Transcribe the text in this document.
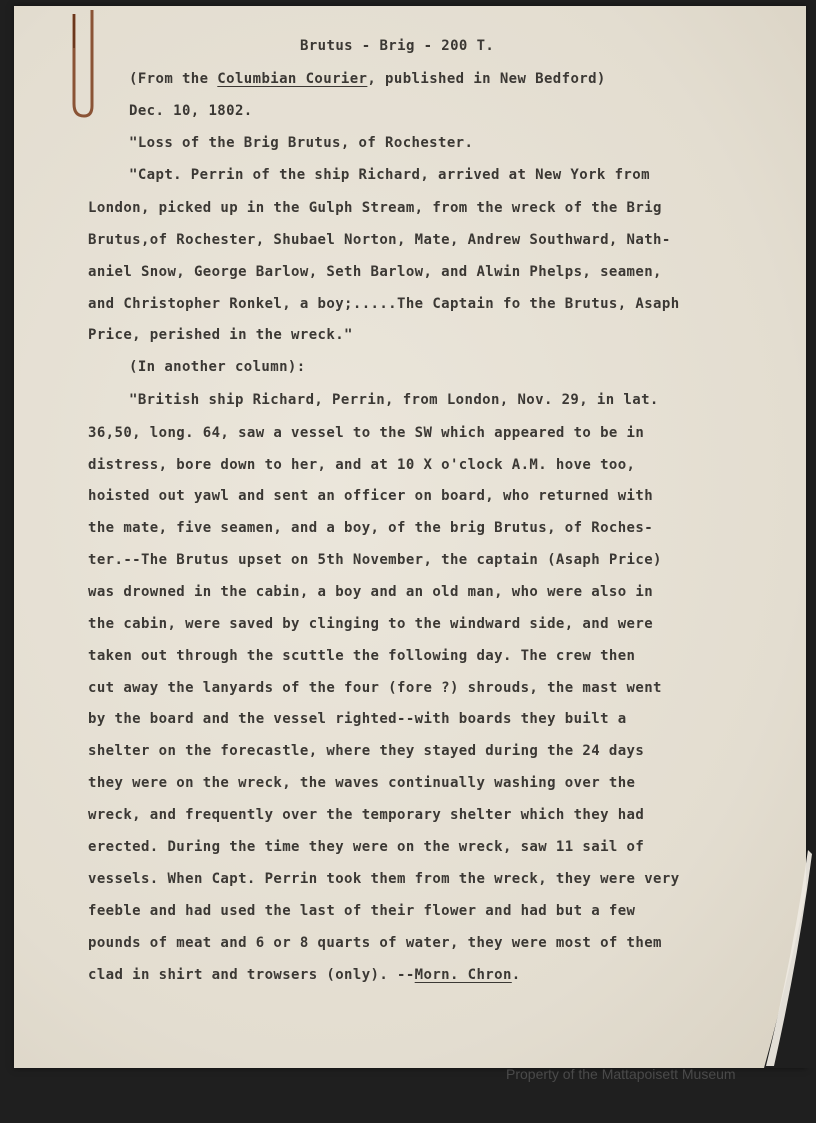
Brutus - Brig - 200 T.
(From the Columbian Courier, published in New Bedford)
Dec. 10, 1802.
"Loss of the Brig Brutus, of Rochester.
"Capt. Perrin of the ship Richard, arrived at New York from
London, picked up in the Gulph Stream, from the wreck of the Brig
Brutus,of Rochester, Shubael Norton, Mate, Andrew Southward, Nath-
aniel Snow, George Barlow, Seth Barlow, and Alwin Phelps, seamen,
and Christopher Ronkel, a boy;.....The Captain fo the Brutus, Asaph
Price, perished in the wreck."
(In another column):
"British ship Richard, Perrin, from London, Nov. 29, in lat.
36,50, long. 64, saw a vessel to the SW which appeared to be in
distress, bore down to her, and at 10 X o'clock A.M. hove too,
hoisted out yawl and sent an officer on board, who returned with
the mate, five seamen, and a boy, of the brig Brutus, of Roches-
ter.--The Brutus upset on 5th November, the captain (Asaph Price)
was drowned in the cabin, a boy and an old man, who were also in
the cabin, were saved by clinging to the windward side, and were
taken out through the scuttle the following day. The crew then
cut away the lanyards of the four (fore ?) shrouds, the mast went
by the board and the vessel righted--with boards they built a
shelter on the forecastle, where they stayed during the 24 days
they were on the wreck, the waves continually washing over the
wreck, and frequently over the temporary shelter which they had
erected. During the time they were on the wreck, saw 11 sail of
vessels. When Capt. Perrin took them from the wreck, they were very
feeble and had used the last of their flower and had but a few
pounds of meat and 6 or 8 quarts of water, they were most of them
clad in shirt and trowsers (only). --Morn. Chron.
Property of the Mattapoisett Museum
